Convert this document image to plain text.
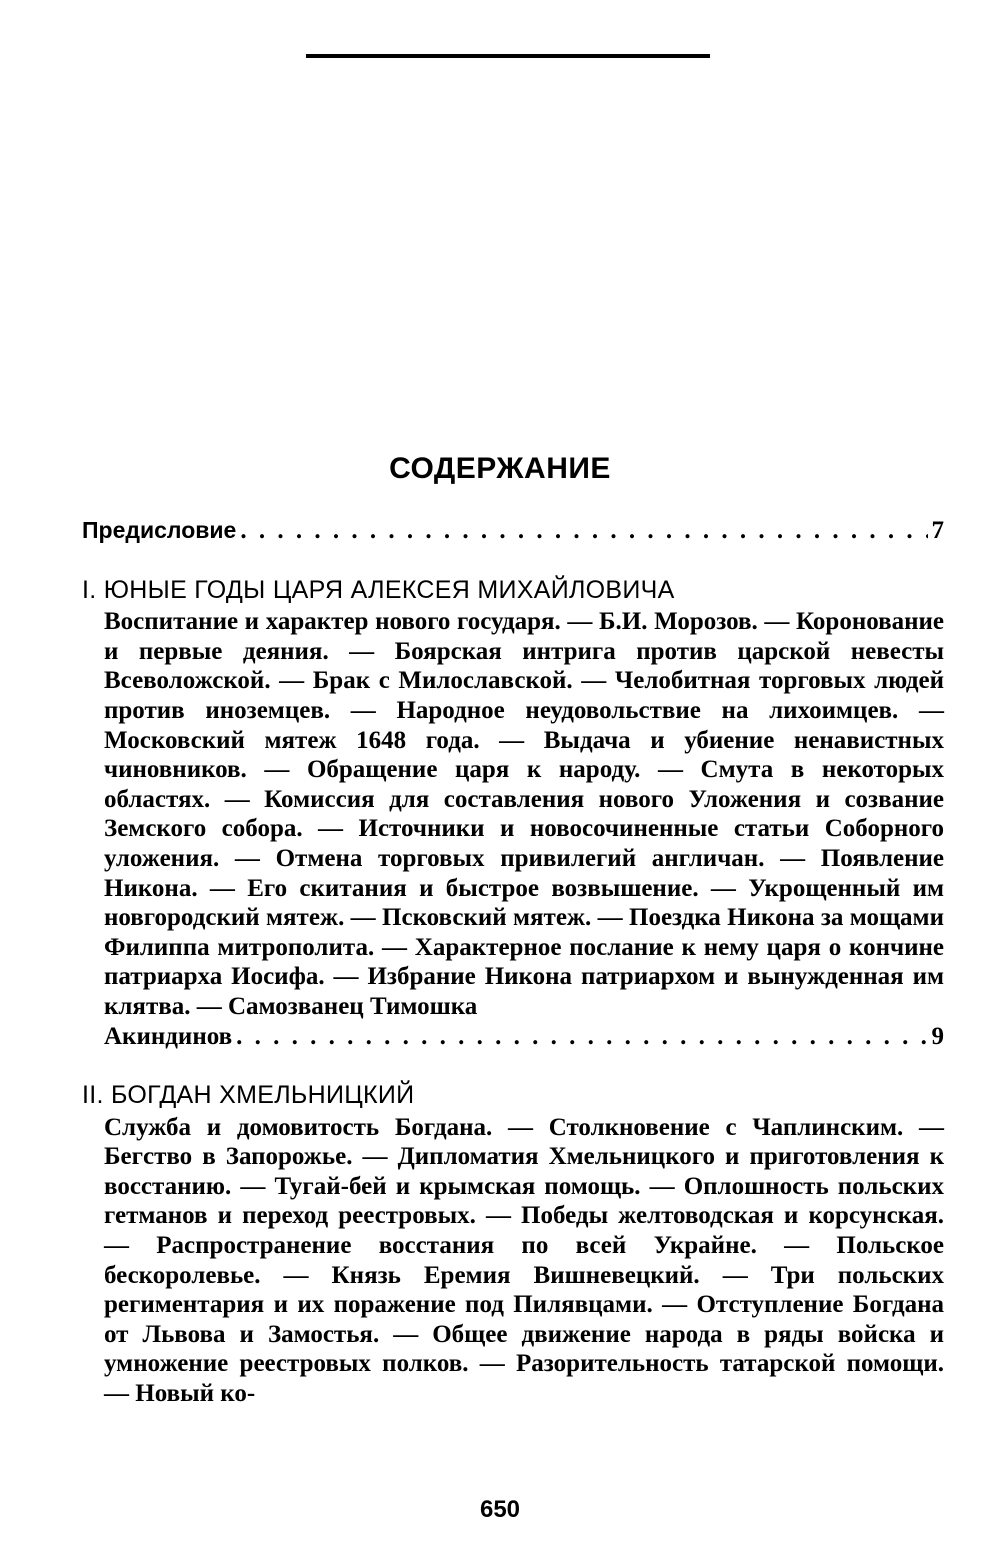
СОДЕРЖАНИЕ
Предисловие . . .	7
I. ЮНЫЕ ГОДЫ ЦАРЯ АЛЕКСЕЯ МИХАЙЛОВИЧА
Воспитание и характер нового государя. — Б.И. Морозов. — Коронование и первые деяния. — Боярская интрига против царской невесты Всеволожской. — Брак с Милославской. — Челобитная торговых людей против иноземцев. — Народное неудовольствие на лихоимцев. — Московский мятеж 1648 года. — Выдача и убиение ненавистных чиновников. — Обращение царя к народу. — Смута в некоторых областях. — Комиссия для составления нового Уложения и созвание Земского собора. — Источники и новосочиненные статьи Соборного уложения. — Отмена торговых привилегий англичан. — Появление Никона. — Его скитания и быстрое возвышение. — Укрощенный им новгородский мятеж. — Псковский мятеж. — Поездка Никона за мощами Филиппа митрополита. — Характерное послание к нему царя о кончине патриарха Иосифа. — Избрание Никона патриархом и вынужденная им клятва. — Самозванец Тимошка
Акиндинов . . .	9
II. БОГДАН ХМЕЛЬНИЦКИЙ
Служба и домовитость Богдана. — Столкновение с Чаплинским. — Бегство в Запорожье. — Дипломатия Хмельницкого и приготовления к восстанию. — Тугай-бей и крымская помощь. — Оплошность польских гетманов и переход реестровых. — Победы желтоводская и корсунская. — Распространение восстания по всей Украйне. — Польское бескоролевье. — Князь Еремия Вишневецкий. — Три польских региментария и их поражение под Пилявцами. — Отступление Богдана от Львова и Замостья. — Общее движение народа в ряды войска и умножение реестровых полков. — Разорительность татарской помощи. — Новый ко-
650
